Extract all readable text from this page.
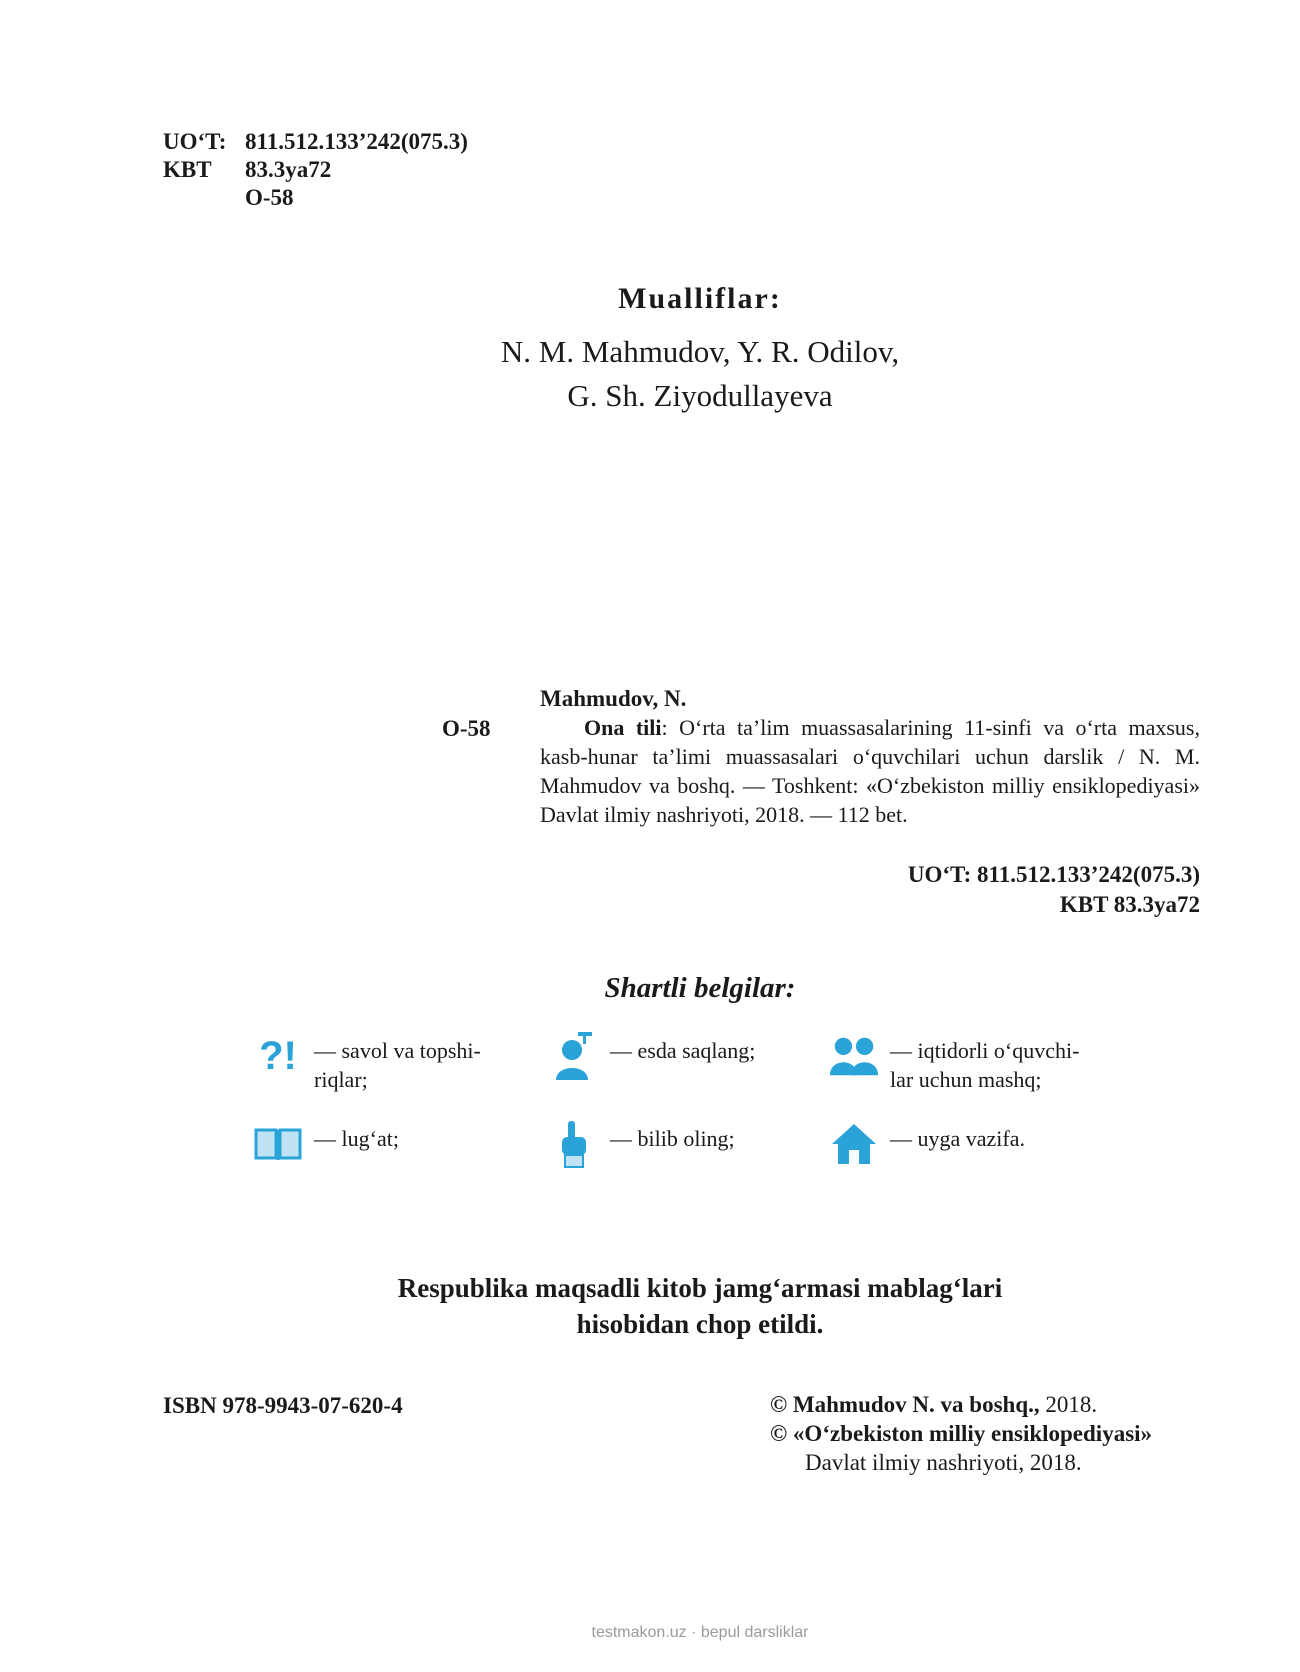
UO‘T: 811.512.133’242(075.3)
KBT	83.3ya72
O-58
Mualliflar:
N. M. Mahmudov, Y. R. Odilov,
G. Sh. Ziyodullayeva
O-58
Mahmudov, N.

Ona tili: O‘rta ta’lim muassasalarining 11-sinfi va o‘rta maxsus, kasb-hunar ta’limi muassasalari o‘quvchilari uchun darslik / N. M. Mahmudov va boshq. — Toshkent: «O‘zbekiston milliy ensiklopediyasi» Davlat ilmiy nashriyoti, 2018. — 112 bet.

UO‘T: 811.512.133’242(075.3)
KBT 83.3ya72
Shartli belgilar:
?! — savol va topshi-
riqlar;
— esda saqlang;	— iqtidorli o‘quvchi-
lar uchun mashq;
— lug‘at;	— bilib oling;	— uyga vazifa.
Respublika maqsadli kitob jamg‘armasi mablag‘lari
hisobidan chop etildi.
ISBN 978-9943-07-620-4	© Mahmudov N. va boshq., 2018.
© «O‘zbekiston milliy ensiklopediyasi»
Davlat ilmiy nashriyoti, 2018.
testmakon.uz · bepul darsliklar
